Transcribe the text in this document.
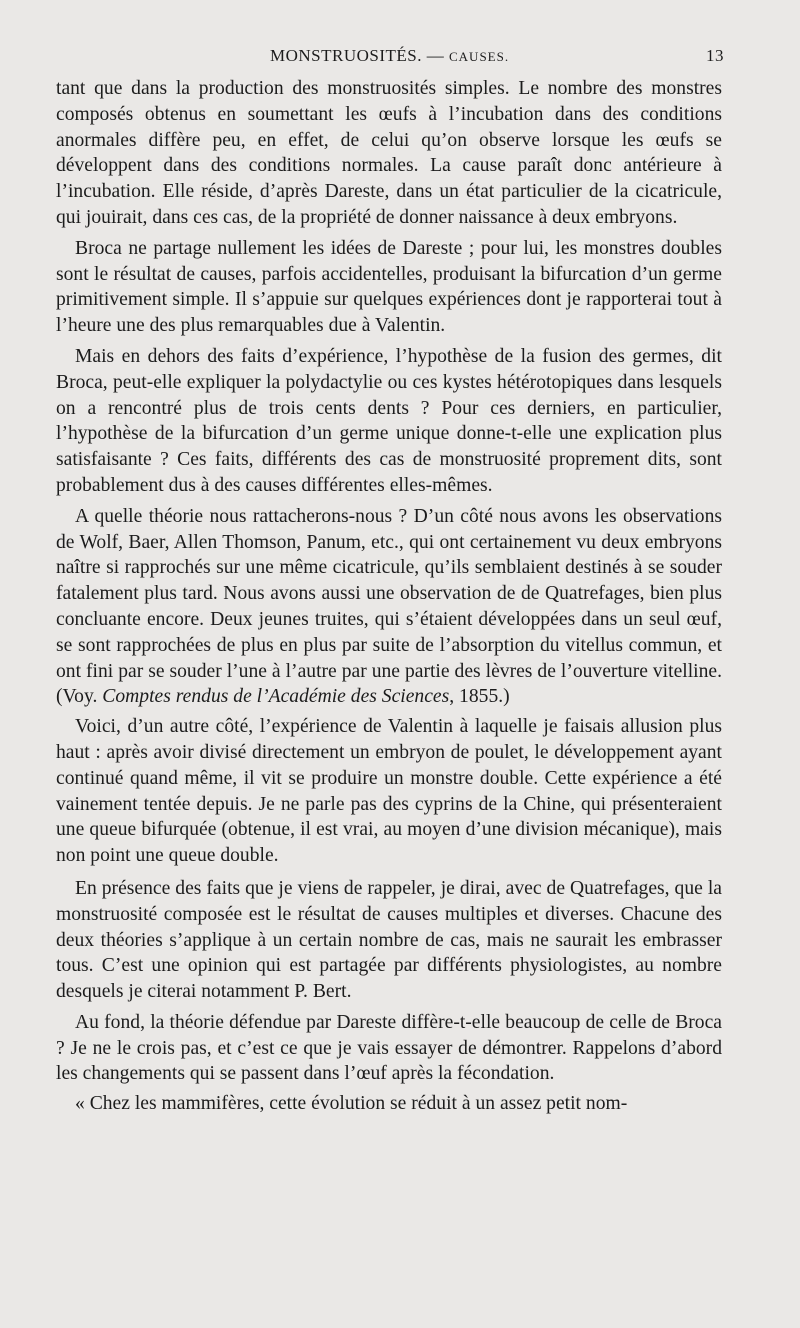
MONSTRUOSITÉS. — CAUSES.	13

tant que dans la production des monstruosités simples. Le nombre des monstres composés obtenus en soumettant les œufs à l’incubation dans des conditions anormales diffère peu, en effet, de celui qu’on observe lorsque les œufs se développent dans des conditions normales. La cause paraît donc antérieure à l’incubation. Elle réside, d’après Dareste, dans un état particulier de la cicatricule, qui jouirait, dans ces cas, de la propriété de donner naissance à deux embryons.

Broca ne partage nullement les idées de Dareste ; pour lui, les monstres doubles sont le résultat de causes, parfois accidentelles, produisant la bifurcation d’un germe primitivement simple. Il s’appuie sur quelques expériences dont je rapporterai tout à l’heure une des plus remarquables due à Valentin.

Mais en dehors des faits d’expérience, l’hypothèse de la fusion des germes, dit Broca, peut-elle expliquer la polydactylie ou ces kystes hétérotopiques dans lesquels on a rencontré plus de trois cents dents ? Pour ces derniers, en particulier, l’hypothèse de la bifurcation d’un germe unique donne-t-elle une explication plus satisfaisante ? Ces faits, différents des cas de monstruosité proprement dits, sont probablement dus à des causes différentes elles-mêmes.

A quelle théorie nous rattacherons-nous ? D’un côté nous avons les observations de Wolf, Baer, Allen Thomson, Panum, etc., qui ont certainement vu deux embryons naître si rapprochés sur une même cicatricule, qu’ils semblaient destinés à se souder fatalement plus tard. Nous avons aussi une observation de de Quatrefages, bien plus concluante encore. Deux jeunes truites, qui s’étaient développées dans un seul œuf, se sont rapprochées de plus en plus par suite de l’absorption du vitellus commun, et ont fini par se souder l’une à l’autre par une partie des lèvres de l’ouverture vitelline. (Voy. Comptes rendus de l’Académie des Sciences, 1855.)

Voici, d’un autre côté, l’expérience de Valentin à laquelle je faisais allusion plus haut : après avoir divisé directement un embryon de poulet, le développement ayant continué quand même, il vit se produire un monstre double. Cette expérience a été vainement tentée depuis. Je ne parle pas des cyprins de la Chine, qui présenteraient une queue bifurquée (obtenue, il est vrai, au moyen d’une division mécanique), mais non point une queue double.

En présence des faits que je viens de rappeler, je dirai, avec de Quatrefages, que la monstruosité composée est le résultat de causes multiples et diverses. Chacune des deux théories s’applique à un certain nombre de cas, mais ne saurait les embrasser tous. C’est une opinion qui est partagée par différents physiologistes, au nombre desquels je citerai notamment P. Bert.

Au fond, la théorie défendue par Dareste diffère-t-elle beaucoup de celle de Broca ? Je ne le crois pas, et c’est ce que je vais essayer de démontrer. Rappelons d’abord les changements qui se passent dans l’œuf après la fécondation.

« Chez les mammifères, cette évolution se réduit à un assez petit nom-
